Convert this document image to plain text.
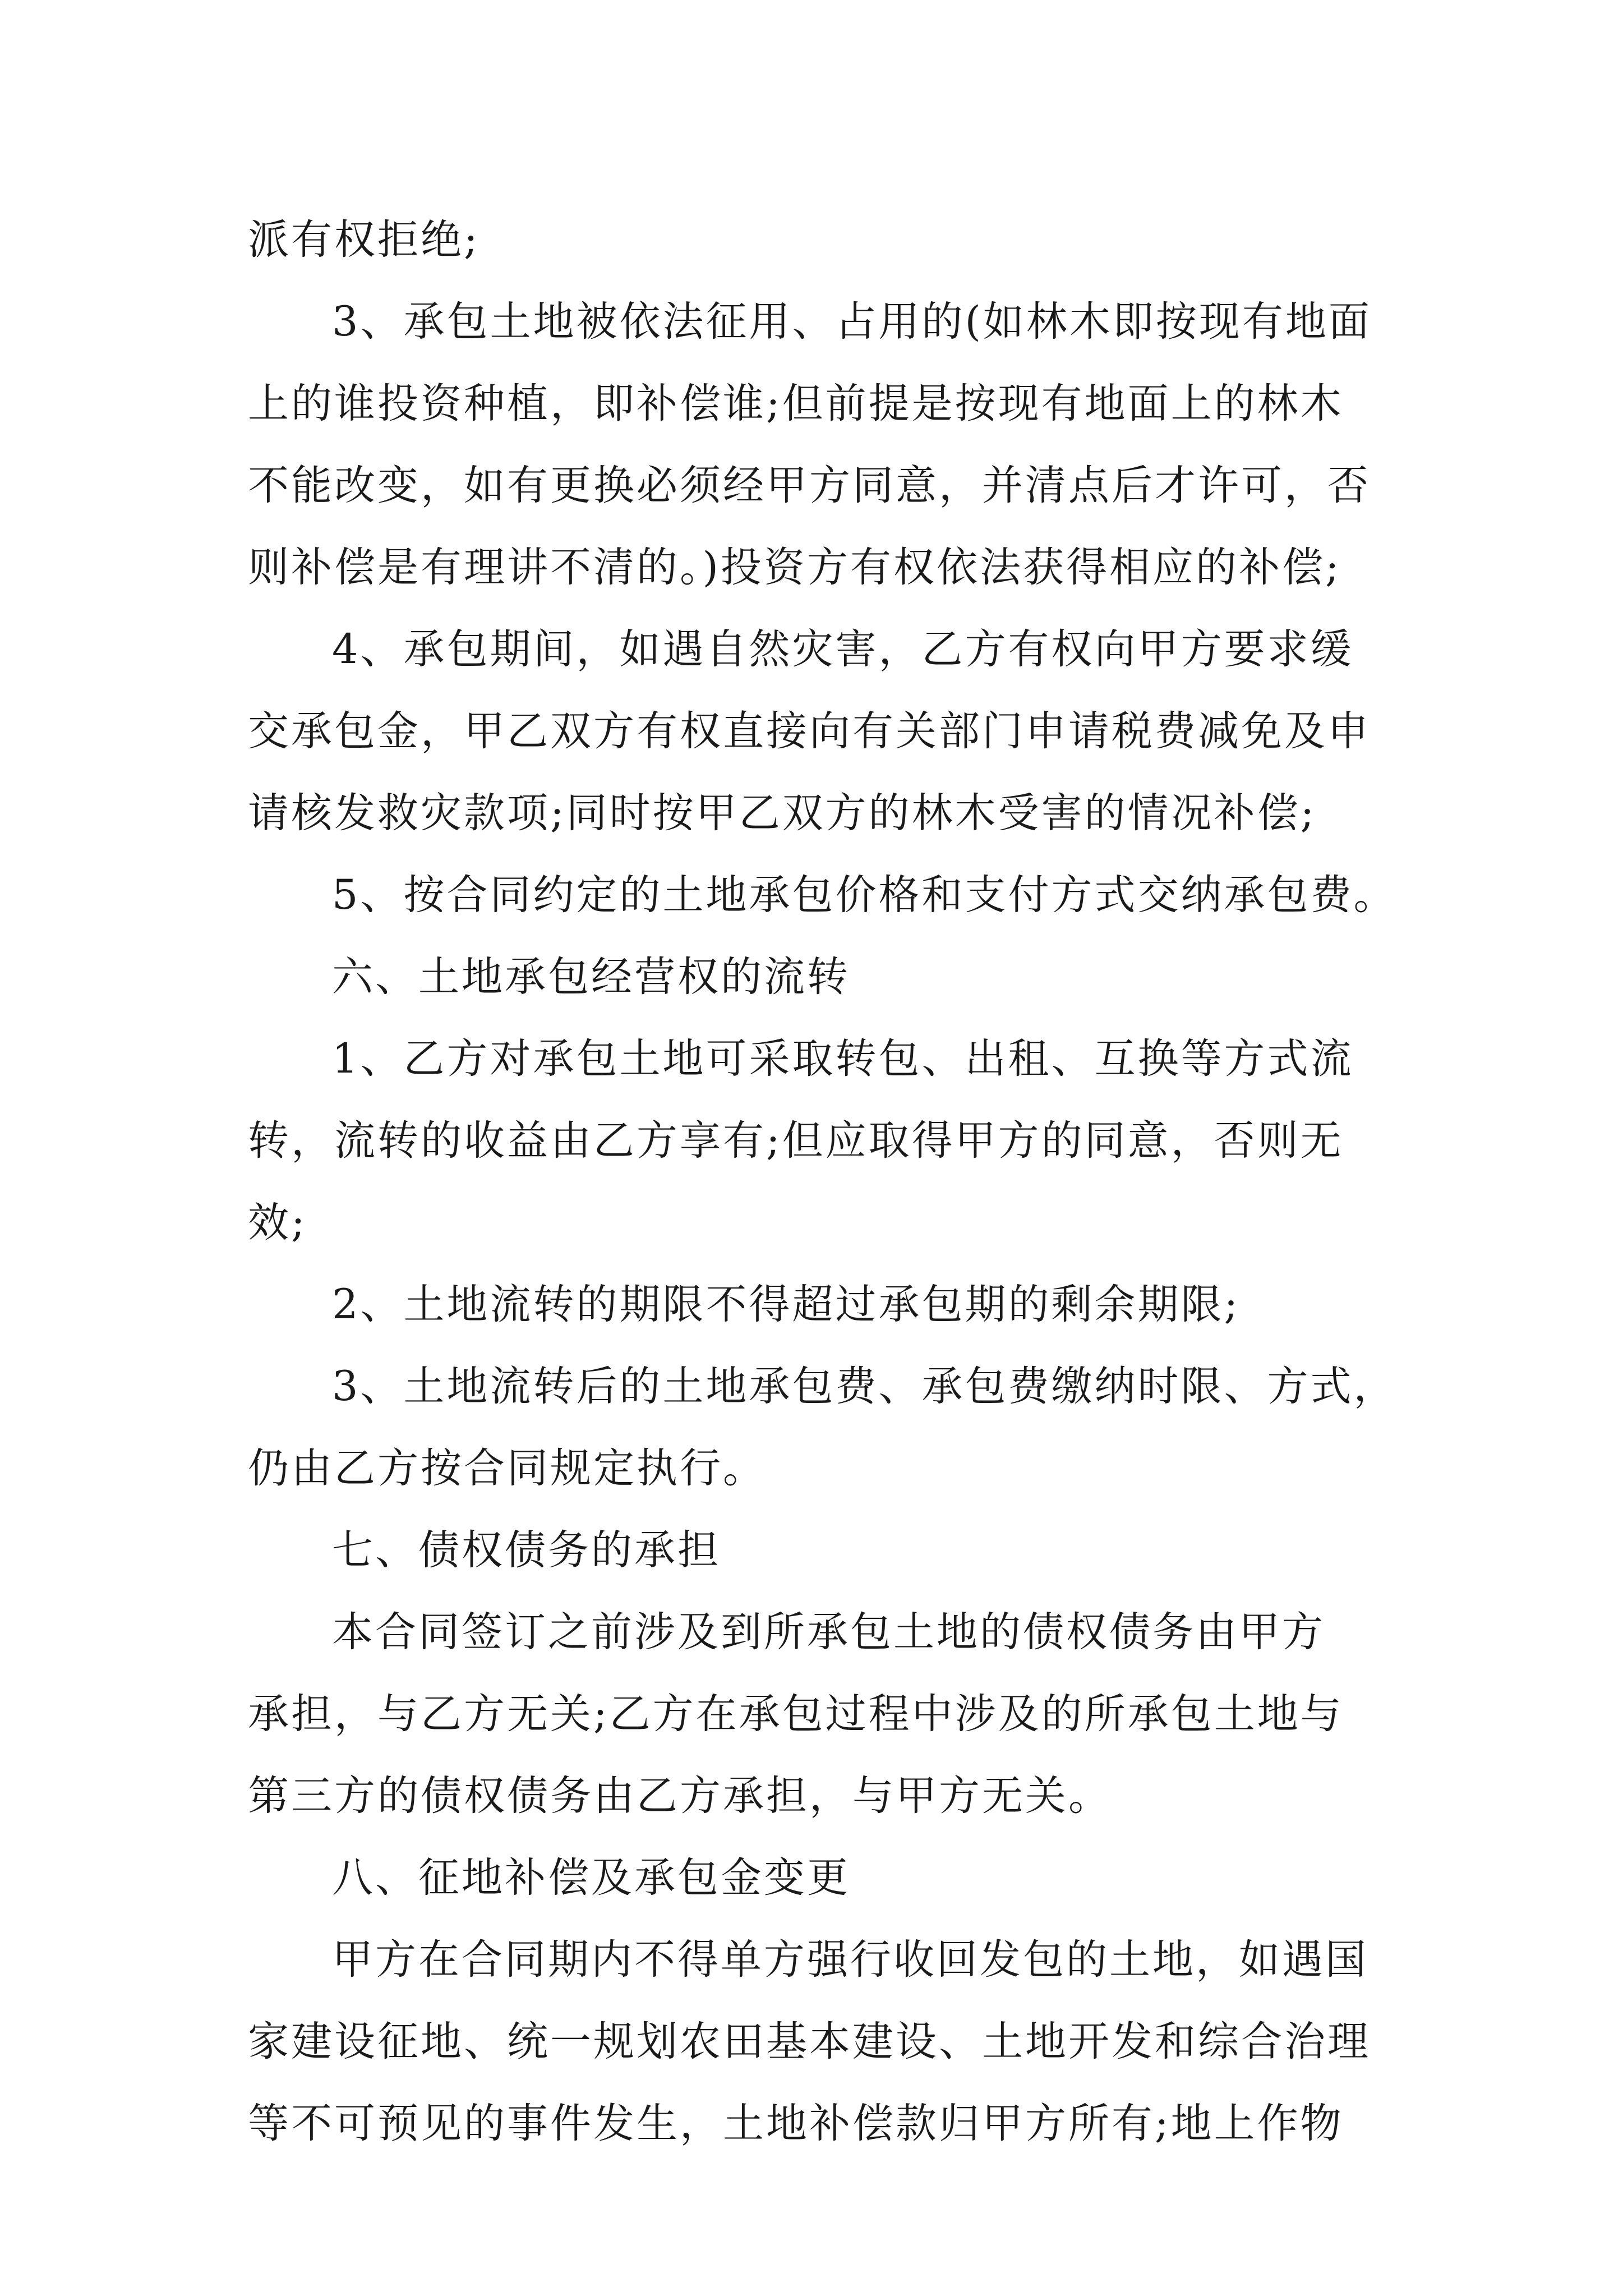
派有权拒绝;
3、承包土地被依法征用、占用的(如林木即按现有地面
上的谁投资种植，即补偿谁;但前提是按现有地面上的林木
不能改变，如有更换必须经甲方同意，并清点后才许可，否
则补偿是有理讲不清的。)投资方有权依法获得相应的补偿;
4、承包期间，如遇自然灾害，乙方有权向甲方要求缓
交承包金，甲乙双方有权直接向有关部门申请税费减免及申
请核发救灾款项;同时按甲乙双方的林木受害的情况补偿;
5、按合同约定的土地承包价格和支付方式交纳承包费。
六、土地承包经营权的流转
1、乙方对承包土地可采取转包、出租、互换等方式流
转，流转的收益由乙方享有;但应取得甲方的同意，否则无
效;
2、土地流转的期限不得超过承包期的剩余期限;
3、土地流转后的土地承包费、承包费缴纳时限、方式，
仍由乙方按合同规定执行。
七、债权债务的承担
本合同签订之前涉及到所承包土地的债权债务由甲方
承担，与乙方无关;乙方在承包过程中涉及的所承包土地与
第三方的债权债务由乙方承担，与甲方无关。
八、征地补偿及承包金变更
甲方在合同期内不得单方强行收回发包的土地，如遇国
家建设征地、统一规划农田基本建设、土地开发和综合治理
等不可预见的事件发生，土地补偿款归甲方所有;地上作物
